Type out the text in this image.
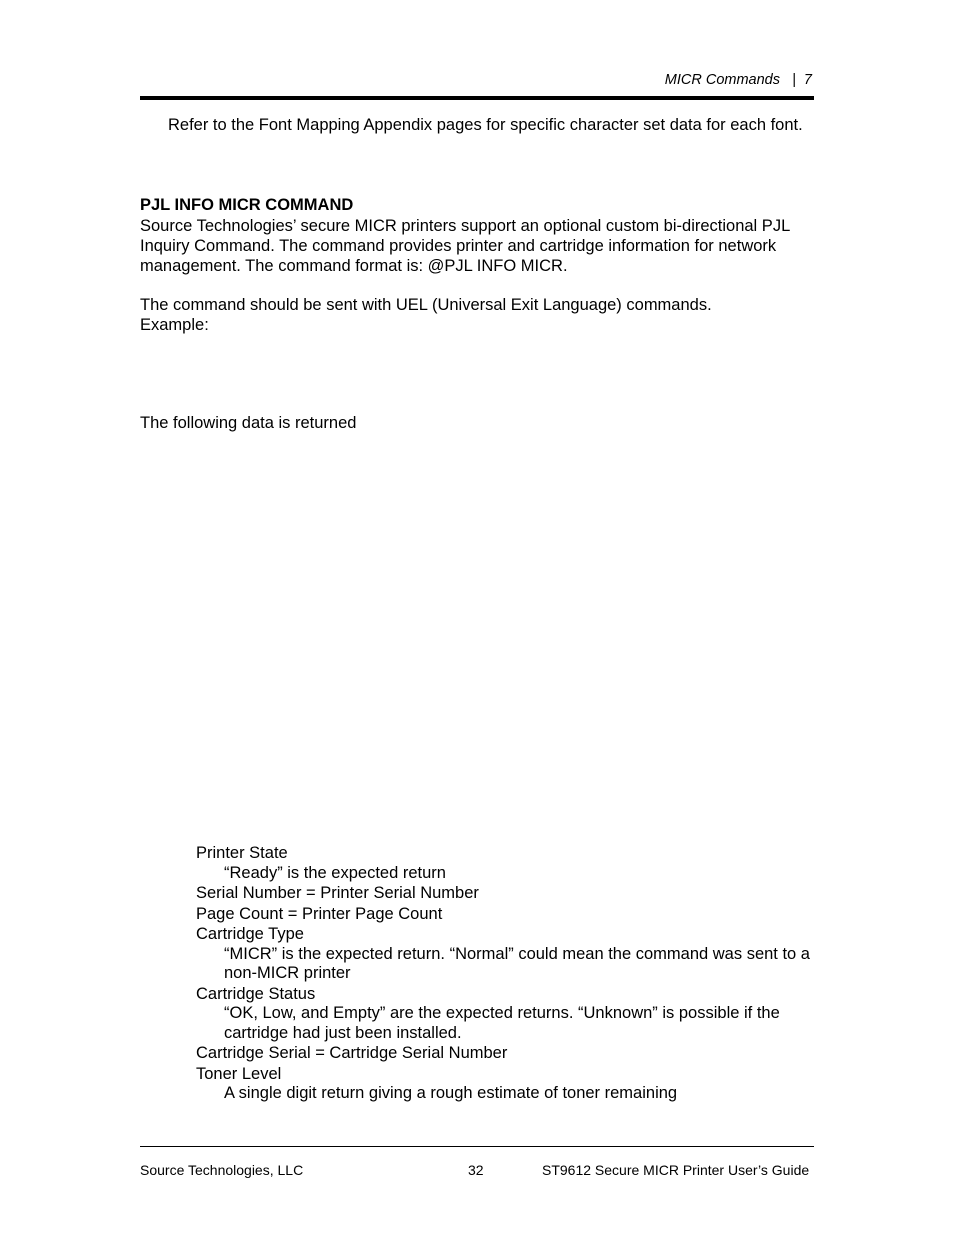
MICR Commands | 7
Refer to the Font Mapping Appendix pages for specific character set data for each font.
PJL INFO MICR COMMAND
Source Technologies’ secure MICR printers support an optional custom bi-directional PJL Inquiry Command. The command provides printer and cartridge information for network management. The command format is: @PJL INFO MICR.
The command should be sent with UEL (Universal Exit Language) commands.
Example:
The following data is returned
Printer State
“Ready” is the expected return
Serial Number = Printer Serial Number
Page Count = Printer Page Count
Cartridge Type
“MICR” is the expected return. “Normal” could mean the command was sent to a non-MICR printer
Cartridge Status
“OK, Low, and Empty” are the expected returns. “Unknown” is possible if the cartridge had just been installed.
Cartridge Serial = Cartridge Serial Number
Toner Level
A single digit return giving a rough estimate of toner remaining
Source Technologies, LLC	32	ST9612 Secure MICR Printer User’s Guide
